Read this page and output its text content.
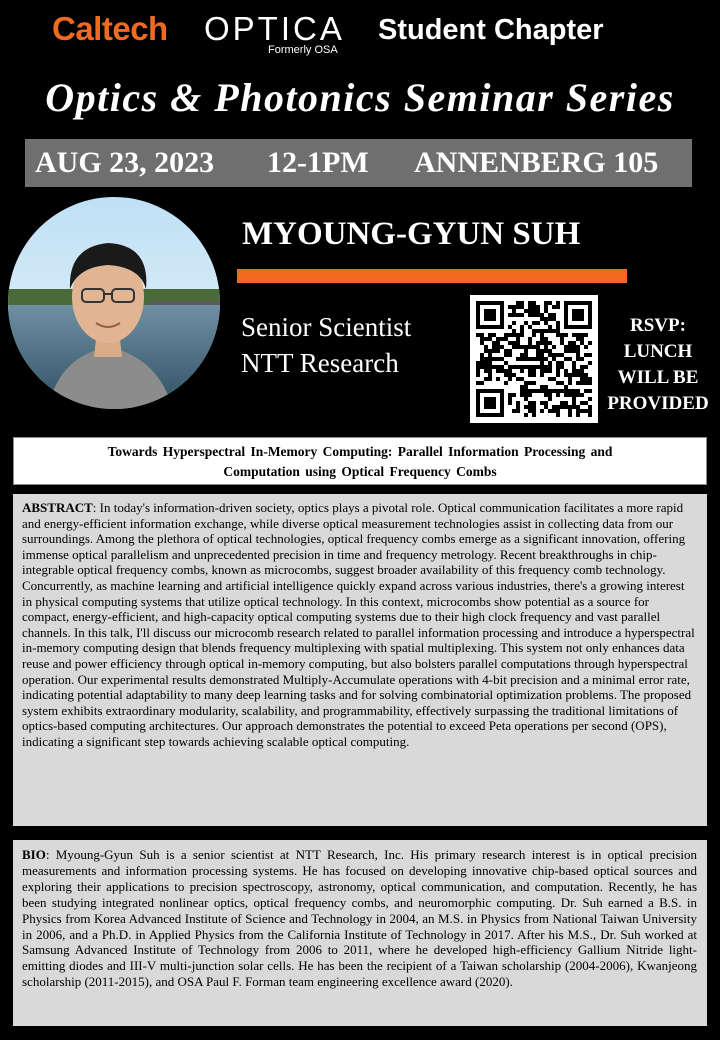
Caltech OPTICA
Formerly OSA
Student Chapter
Optics & Photonics Seminar Series
AUG 23, 2023 12-1PM ANNENBERG 105
MYOUNG-GYUN SUH
Senior Scientist
NTT Research
RSVP:
LUNCH
WILL BE
PROVIDED
Towards Hyperspectral In-Memory Computing: Parallel Information Processing and
Computation using Optical Frequency Combs
ABSTRACT: In today's information-driven society, optics plays a pivotal role. Optical communication facilitates a more rapid and energy-efficient information exchange, while diverse optical measurement technologies assist in collecting data from our surroundings. Among the plethora of optical technologies, optical frequency combs emerge as a significant innovation, offering immense optical parallelism and unprecedented precision in time and frequency metrology. Recent breakthroughs in chip-integrable optical frequency combs, known as microcombs, suggest broader availability of this frequency comb technology. Concurrently, as machine learning and artificial intelligence quickly expand across various industries, there's a growing interest in physical computing systems that utilize optical technology. In this context, microcombs show potential as a source for compact, energy-efficient, and high-capacity optical computing systems due to their high clock frequency and vast parallel channels. In this talk, I'll discuss our microcomb research related to parallel information processing and introduce a hyperspectral in-memory computing design that blends frequency multiplexing with spatial multiplexing. This system not only enhances data reuse and power efficiency through optical in-memory computing, but also bolsters parallel computations through hyperspectral operation. Our experimental results demonstrated Multiply-Accumulate operations with 4-bit precision and a minimal error rate, indicating potential adaptability to many deep learning tasks and for solving combinatorial optimization problems. The proposed system exhibits extraordinary modularity, scalability, and programmability, effectively surpassing the traditional limitations of optics-based computing architectures. Our approach demonstrates the potential to exceed Peta operations per second (OPS), indicating a significant step towards achieving scalable optical computing.
BIO: Myoung-Gyun Suh is a senior scientist at NTT Research, Inc. His primary research interest is in optical precision measurements and information processing systems. He has focused on developing innovative chip-based optical sources and exploring their applications to precision spectroscopy, astronomy, optical communication, and computation. Recently, he has been studying integrated nonlinear optics, optical frequency combs, and neuromorphic computing. Dr. Suh earned a B.S. in Physics from Korea Advanced Institute of Science and Technology in 2004, an M.S. in Physics from National Taiwan University in 2006, and a Ph.D. in Applied Physics from the California Institute of Technology in 2017. After his M.S., Dr. Suh worked at Samsung Advanced Institute of Technology from 2006 to 2011, where he developed high-efficiency Gallium Nitride light-emitting diodes and III-V multi-junction solar cells. He has been the recipient of a Taiwan scholarship (2004-2006), Kwanjeong scholarship (2011-2015), and OSA Paul F. Forman team engineering excellence award (2020).
